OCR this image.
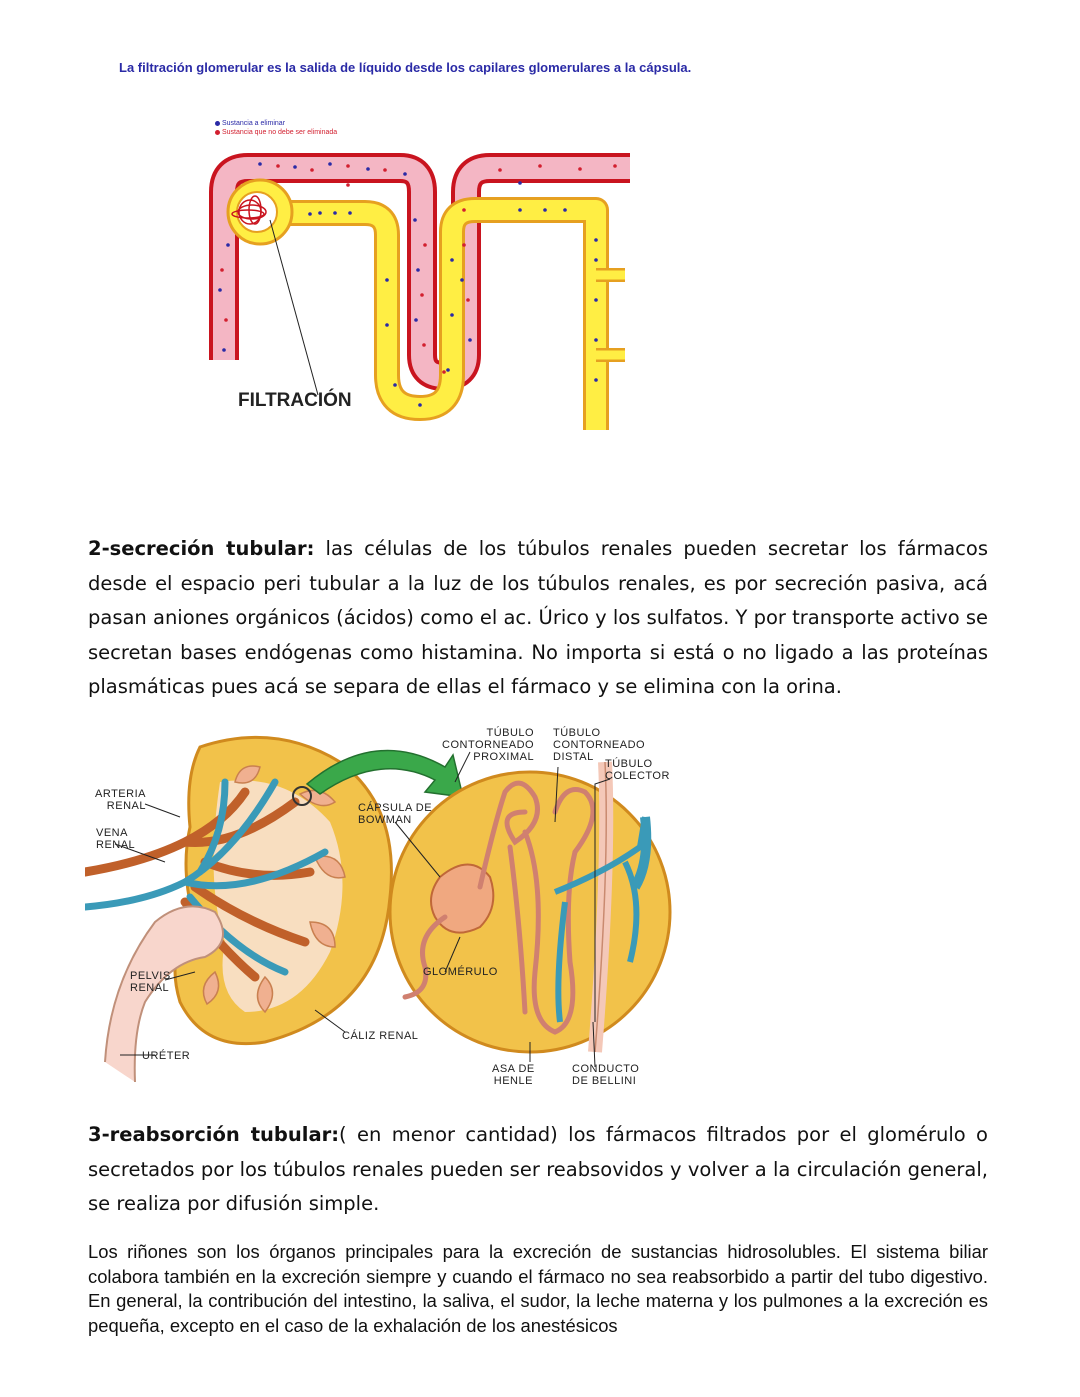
La filtración glomerular es la salida de líquido desde los capilares glomerulares a la cápsula.

Sustancia a eliminar
Sustancia que no debe ser eliminada
FILTRACIÓN

2-secreción tubular: las células de los túbulos renales pueden secretar los fármacos desde el espacio peri tubular a la luz de los túbulos renales, es por secreción pasiva, acá pasan aniones orgánicos (ácidos) como el ac. Úrico y los sulfatos. Y por transporte activo se secretan bases endógenas como histamina. No importa si está o no ligado a las proteínas plasmáticas pues acá se separa de ellas el fármaco y se elimina con la orina.

ARTERIA
RENAL
VENA
RENAL
PELVIS
RENAL
URÉTER
CÁLIZ RENAL
CÁPSULA DE
BOWMAN
TÚBULO
CONTORNEADO
PROXIMAL
TÚBULO
CONTORNEADO
DISTAL
TÚBULO
COLECTOR
GLOMÉRULO
ASA DE
HENLE
CONDUCTO
DE BELLINI

3-reabsorción tubular:( en menor cantidad) los fármacos filtrados por el glomérulo o secretados por los túbulos renales pueden ser reabsovidos y volver a la circulación general, se realiza por difusión simple.

Los riñones son los órganos principales para la excreción de sustancias hidrosolubles. El sistema biliar colabora también en la excreción siempre y cuando el fármaco no sea reabsorbido a partir del tubo digestivo. En general, la contribución del intestino, la saliva, el sudor, la leche materna y los pulmones a la excreción es pequeña, excepto en el caso de la exhalación de los anestésicos
